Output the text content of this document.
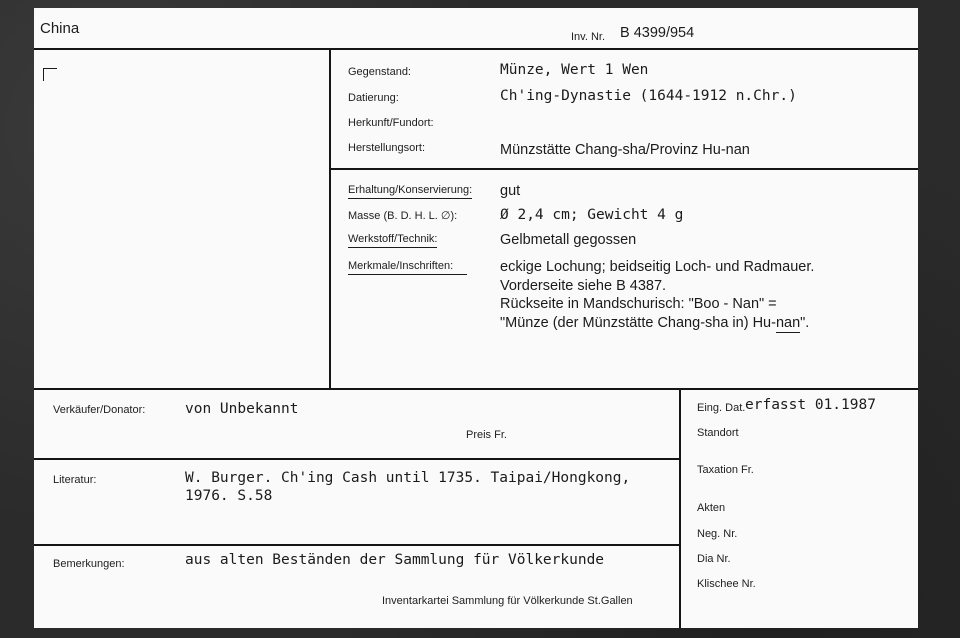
China	Inv. Nr. B 4399/954
Gegenstand:	Münze, Wert 1 Wen
Datierung:	Ch'ing-Dynastie (1644-1912 n.Chr.)
Herkunft/Fundort:
Herstellungsort:	Münzstätte Chang-sha/Provinz Hu-nan
Erhaltung/Konservierung: gut
Masse (B. D. H. L. ∅):	Ø 2,4 cm; Gewicht 4 g
Werkstoff/Technik:	Gelbmetall gegossen
Merkmale/Inschriften:	eckige Lochung; beidseitig Loch- und Radmauer.
Vorderseite siehe B 4387.
Rückseite in Mandschurisch: "Boo - Nan" =
"Münze (der Münzstätte Chang-sha in) Hu-nan".
Verkäufer/Donator:	von Unbekannt
Preis Fr.
Literatur:	W. Burger. Ch'ing Cash until 1735. Taipai/Hongkong,
1976. S.58
Bemerkungen:	aus alten Beständen der Sammlung für Völkerkunde
Inventarkartei Sammlung für Völkerkunde St.Gallen
Eing. Dat. erfasst 01.1987
Standort
Taxation Fr.
Akten
Neg. Nr.
Dia Nr.
Klischee Nr.
